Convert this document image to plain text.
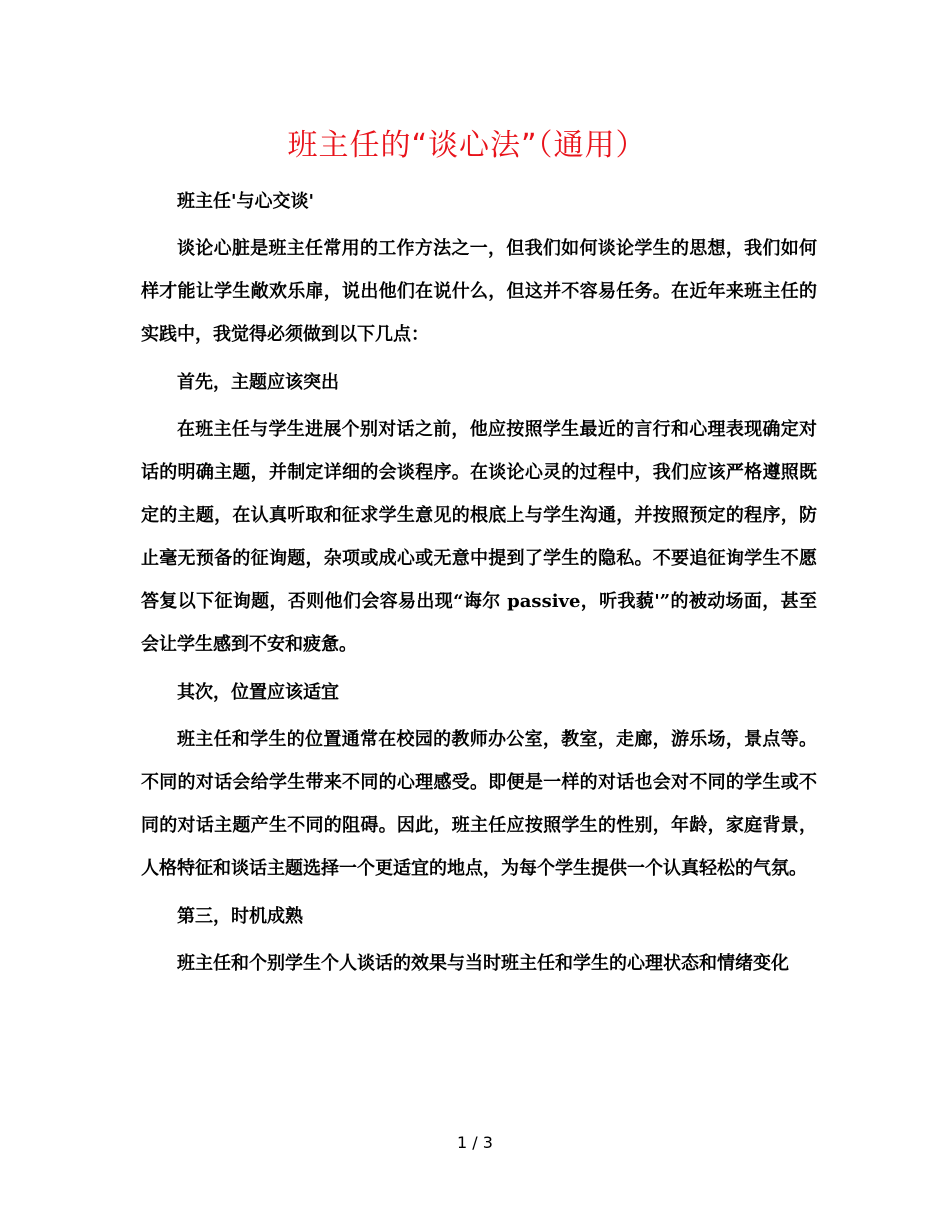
班主任的“谈心法”（通用）

班主任'与心交谈'

谈论心脏是班主任常用的工作方法之一，但我们如何谈论学生的思想，我们如何样才能让学生敞欢乐扉，说出他们在说什么，但这并不容易任务。在近年来班主任的实践中，我觉得必须做到以下几点：

首先，主题应该突出

在班主任与学生进展个别对话之前，他应按照学生最近的言行和心理表现确定对话的明确主题，并制定详细的会谈程序。在谈论心灵的过程中，我们应该严格遵照既定的主题，在认真听取和征求学生意见的根底上与学生沟通，并按照预定的程序，防止毫无预备的征询题，杂项或成心或无意中提到了学生的隐私。不要追征询学生不愿答复以下征询题，否则他们会容易出现“诲尔 passive，听我藐'”的被动场面，甚至会让学生感到不安和疲惫。

其次，位置应该适宜

班主任和学生的位置通常在校园的教师办公室，教室，走廊，游乐场，景点等。不同的对话会给学生带来不同的心理感受。即便是一样的对话也会对不同的学生或不同的对话主题产生不同的阻碍。因此，班主任应按照学生的性别，年龄，家庭背景，人格特征和谈话主题选择一个更适宜的地点，为每个学生提供一个认真轻松的气氛。

第三，时机成熟

班主任和个别学生个人谈话的效果与当时班主任和学生的心理状态和情绪变化

1 / 3
